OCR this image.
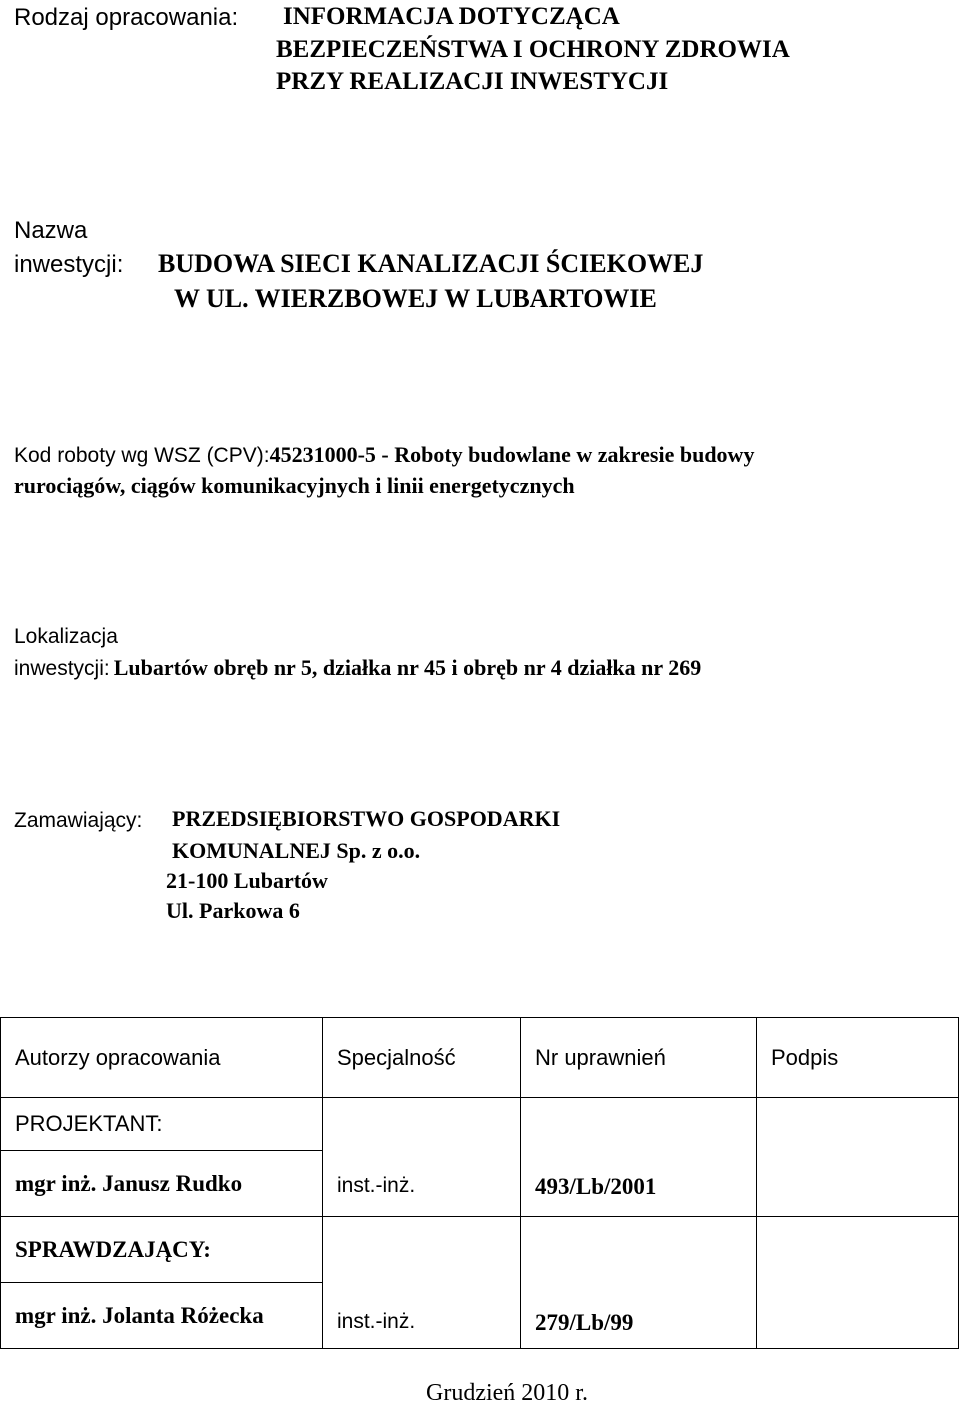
Rodzaj opracowania: INFORMACJA DOTYCZĄCA
BEZPIECZEŃSTWA I OCHRONY ZDROWIA
PRZY REALIZACJI INWESTYCJI
Nazwa
inwestycji: BUDOWA SIECI KANALIZACJI ŚCIEKOWEJ
W UL. WIERZBOWEJ W LUBARTOWIE
Kod roboty wg WSZ (CPV):45231000-5 - Roboty budowlane w zakresie budowy
rurociągów, ciągów komunikacyjnych i linii energetycznych
Lokalizacja
inwestycji: Lubartów obręb nr 5, działka nr 45 i obręb nr 4 działka nr 269
Zamawiający: PRZEDSIĘBIORSTWO GOSPODARKI
KOMUNALNEJ Sp. z o.o.
21-100 Lubartów
Ul. Parkowa 6
Autorzy opracowania	Specjalność	Nr uprawnień	Podpis
PROJEKTANT:	inst.-inż.	493/Lb/2001	
mgr inż. Janusz Rudko			
SPRAWDZAJĄCY:	inst.-inż.	279/Lb/99	
mgr inż. Jolanta Różecka			
Grudzień 2010 r.
